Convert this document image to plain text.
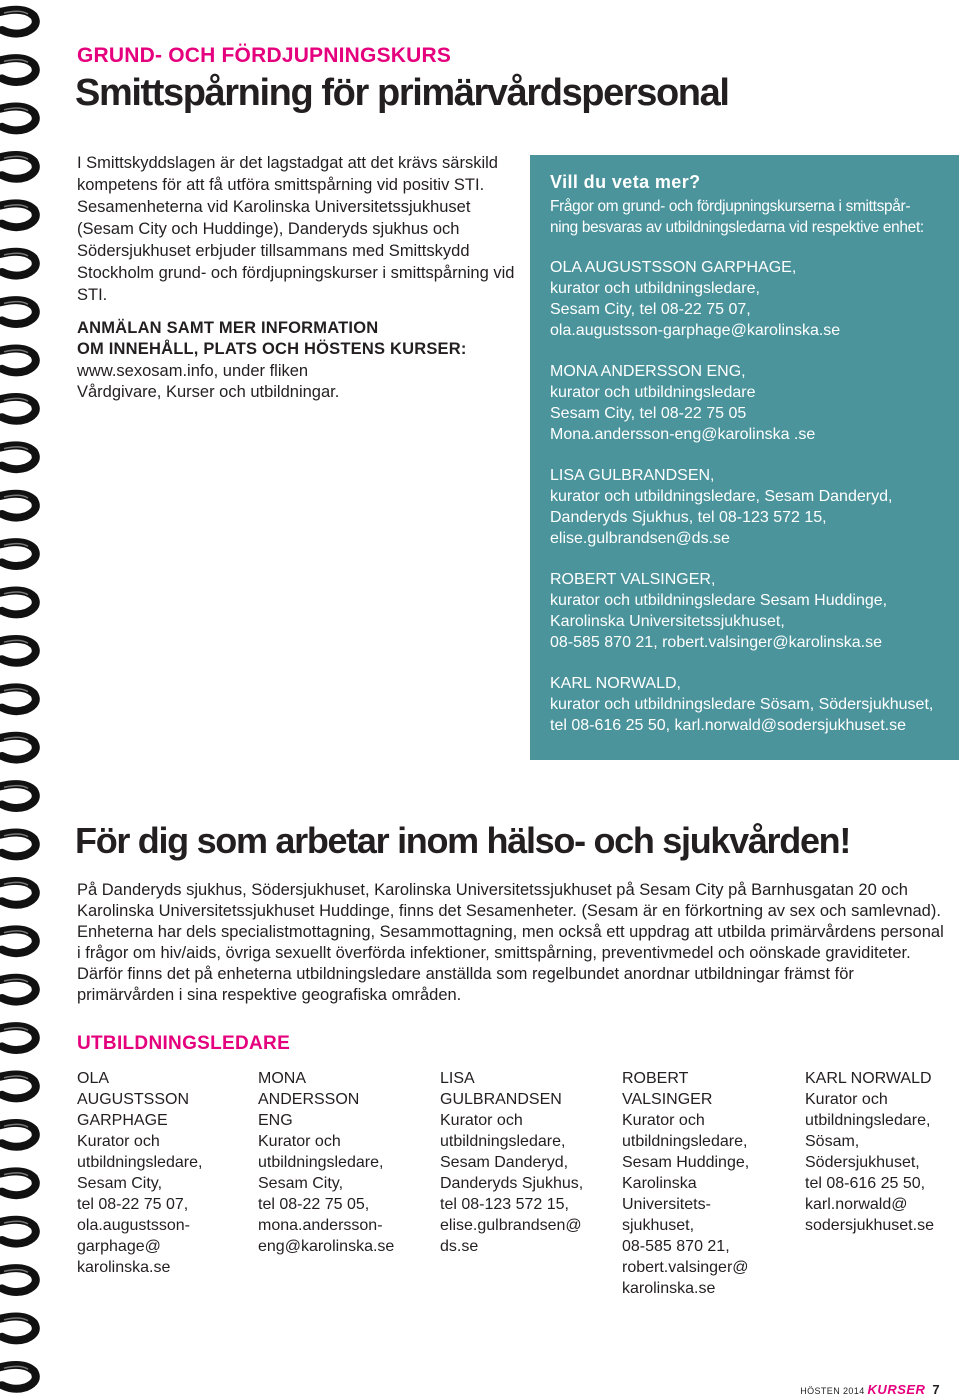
GRUND- OCH FÖRDJUPNINGSKURS
Smittspårning för primärvårdspersonal

I Smittskyddslagen är det lagstadgat att det krävs särskild kompetens för att få utföra smittspårning vid positiv STI. Sesamenheterna vid Karolinska Universitetssjukhuset (Sesam City och Huddinge), Danderyds sjukhus och Södersjukhuset erbjuder tillsammans med Smittskydd Stockholm grund- och fördjupningskurser i smittspårning vid STI.

ANMÄLAN SAMT MER INFORMATION
OM INNEHÅLL, PLATS OCH HÖSTENS KURSER:
www.sexosam.info, under fliken
Vårdgivare, Kurser och utbildningar.
Vill du veta mer?
Frågor om grund- och fördjupningskurserna i smittspår-
ning besvaras av utbildningsledarna vid respektive enhet:
OLA AUGUSTSSON GARPHAGE,
kurator och utbildningsledare,
Sesam City, tel 08-22 75 07,
ola.augustsson-garphage@karolinska.se
MONA ANDERSSON ENG,
kurator och utbildningsledare
Sesam City, tel 08-22 75 05
Mona.andersson-eng@karolinska .se
LISA GULBRANDSEN,
kurator och utbildningsledare, Sesam Danderyd,
Danderyds Sjukhus, tel 08-123 572 15,
elise.gulbrandsen@ds.se
ROBERT VALSINGER,
kurator och utbildningsledare Sesam Huddinge,
Karolinska Universitetssjukhuset,
08-585 870 21, robert.valsinger@karolinska.se
KARL NORWALD,
kurator och utbildningsledare Sösam, Södersjukhuset,
tel 08-616 25 50, karl.norwald@sodersjukhuset.se
För dig som arbetar inom hälso- och sjukvården!

På Danderyds sjukhus, Södersjukhuset, Karolinska Universitetssjukhuset på Sesam City på Barnhusgatan 20 och Karolinska Universitetssjukhuset Huddinge, finns det Sesamenheter. (Sesam är en förkortning av sex och samlevnad). Enheterna har dels specialistmottagning, Sesammottagning, men också ett uppdrag att utbilda primärvårdens personal i frågor om hiv/aids, övriga sexuellt överförda infektioner, smittspårning, preventivmedel och oönskade graviditeter. Därför finns det på enheterna utbildningsledare anställda som regelbundet anordnar utbildningar främst för primärvården i sina respektive geografiska områden.

UTBILDNINGSLEDARE
OLA
AUGUSTSSON
GARPHAGE
Kurator och
utbildningsledare,
Sesam City,
tel 08-22 75 07,
ola.augustsson-
garphage@
karolinska.se
MONA
ANDERSSON
ENG
Kurator och
utbildningsledare,
Sesam City,
tel 08-22 75 05,
mona.andersson-
eng@karolinska.se
LISA
GULBRANDSEN
Kurator och
utbildningsledare,
Sesam Danderyd,
Danderyds Sjukhus,
tel 08-123 572 15,
elise.gulbrandsen@
ds.se
ROBERT
VALSINGER
Kurator och
utbildningsledare,
Sesam Huddinge,
Karolinska
Universitets-
sjukhuset,
08-585 870 21,
robert.valsinger@
karolinska.se
KARL NORWALD
Kurator och
utbildningsledare,
Sösam,
Södersjukhuset,
tel 08-616 25 50,
karl.norwald@
sodersjukhuset.se
HÖSTEN 2014 KURSER 7
